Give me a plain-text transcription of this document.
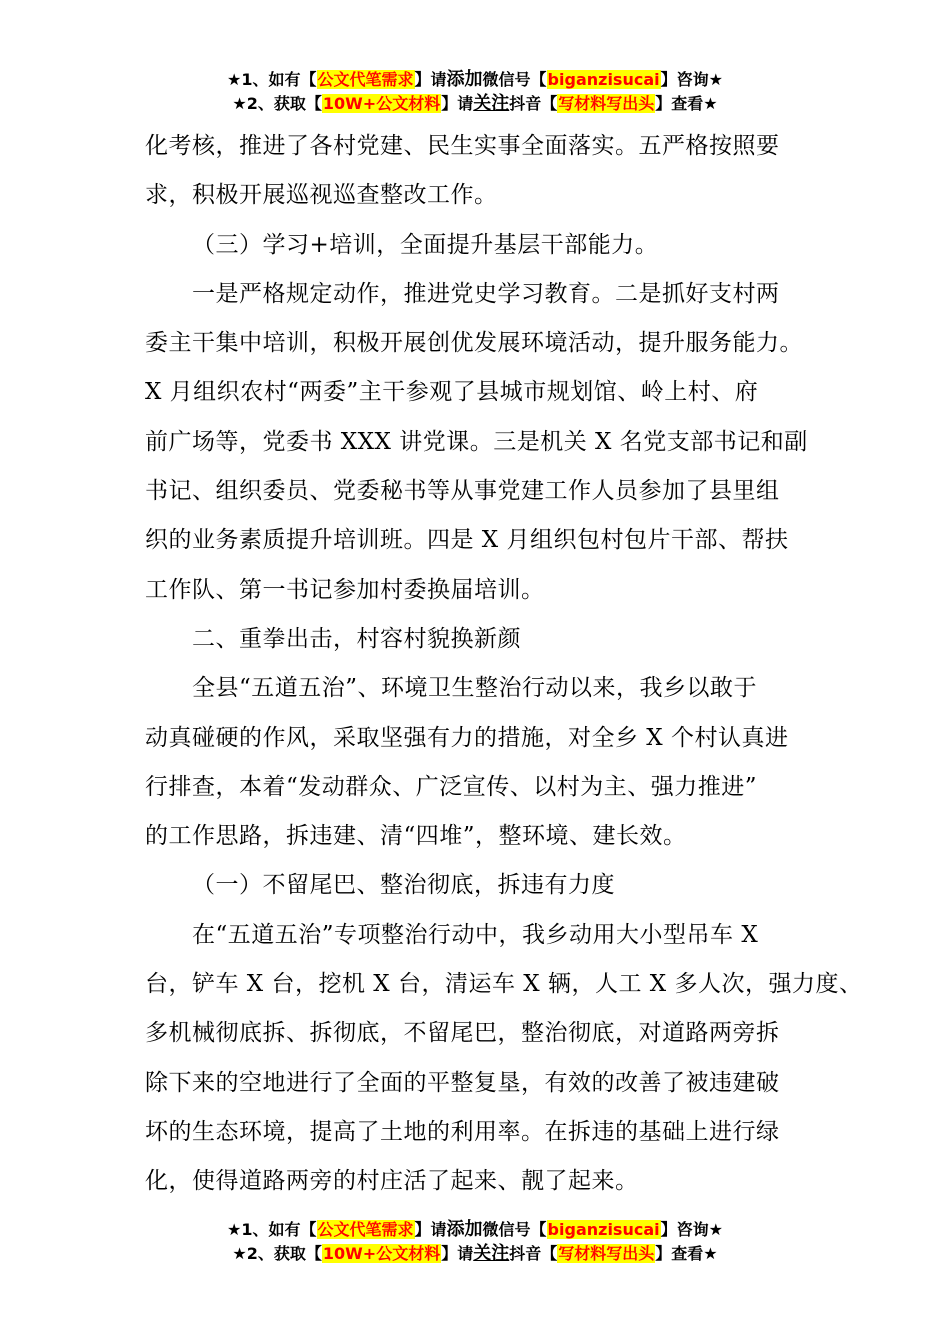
★1、如有【公文代笔需求】请添加微信号【biganzisucai】咨询★
★2、获取【10W+公文材料】请关注抖音【写材料写出头】查看★
化考核，推进了各村党建、民生实事全面落实。五严格按照要
求，积极开展巡视巡查整改工作。
（三）学习+培训，全面提升基层干部能力。
一是严格规定动作，推进党史学习教育。二是抓好支村两
委主干集中培训，积极开展创优发展环境活动，提升服务能力。
X 月组织农村“两委”主干参观了县城市规划馆、岭上村、府
前广场等，党委书 XXX 讲党课。三是机关 X 名党支部书记和副
书记、组织委员、党委秘书等从事党建工作人员参加了县里组
织的业务素质提升培训班。四是 X 月组织包村包片干部、帮扶
工作队、第一书记参加村委换届培训。
二、重拳出击，村容村貌换新颜
全县“五道五治”、环境卫生整治行动以来，我乡以敢于
动真碰硬的作风，采取坚强有力的措施，对全乡 X 个村认真进
行排查，本着“发动群众、广泛宣传、以村为主、强力推进”
的工作思路，拆违建、清“四堆”，整环境、建长效。
（一）不留尾巴、整治彻底，拆违有力度
在“五道五治”专项整治行动中，我乡动用大小型吊车 X
台，铲车 X 台，挖机 X 台，清运车 X 辆，人工 X 多人次，强力度、
多机械彻底拆、拆彻底，不留尾巴，整治彻底，对道路两旁拆
除下来的空地进行了全面的平整复垦，有效的改善了被违建破
坏的生态环境，提高了土地的利用率。在拆违的基础上进行绿
化，使得道路两旁的村庄活了起来、靓了起来。
★1、如有【公文代笔需求】请添加微信号【biganzisucai】咨询★
★2、获取【10W+公文材料】请关注抖音【写材料写出头】查看★
